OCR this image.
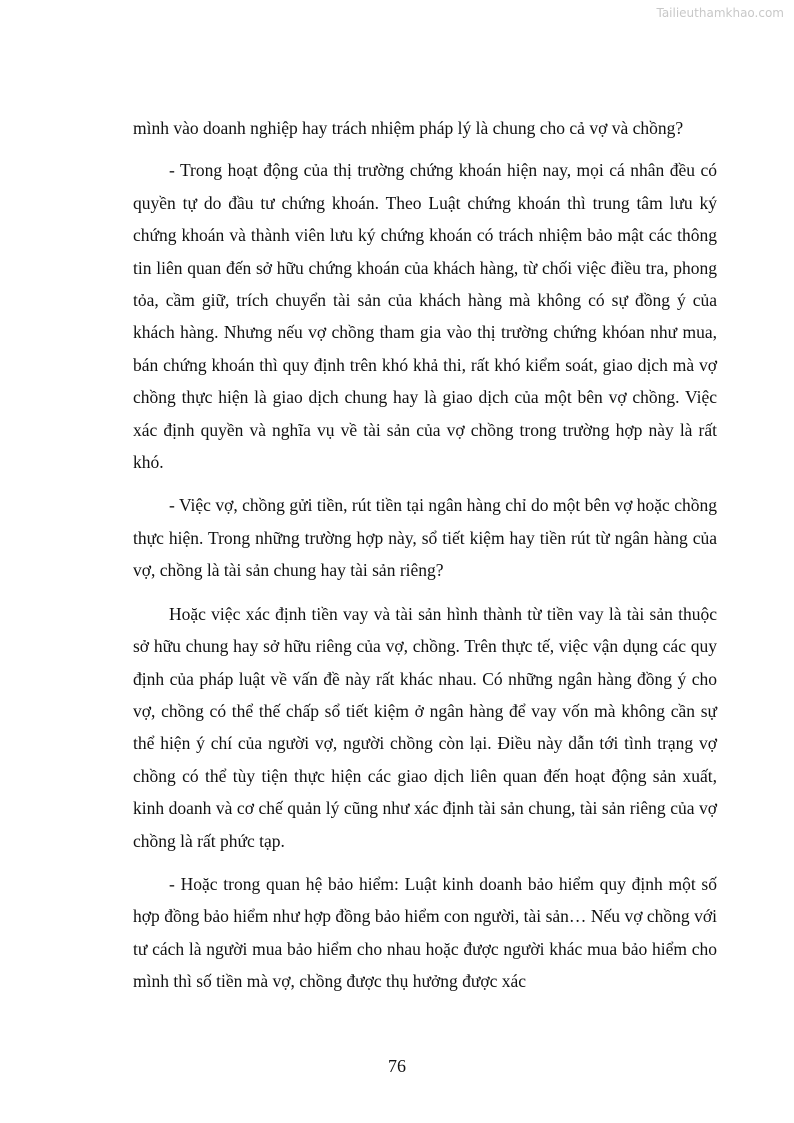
Tailieuthamkhao.com

mình vào doanh nghiệp hay trách nhiệm pháp lý là chung cho cả vợ và chồng?

- Trong hoạt động của thị trường chứng khoán hiện nay, mọi cá nhân đều có quyền tự do đầu tư chứng khoán. Theo Luật chứng khoán thì trung tâm lưu ký chứng khoán và thành viên lưu ký chứng khoán có trách nhiệm bảo mật các thông tin liên quan đến sở hữu chứng khoán của khách hàng, từ chối việc điều tra, phong tỏa, cầm giữ, trích chuyển tài sản của khách hàng mà không có sự đồng ý của khách hàng. Nhưng nếu vợ chồng tham gia vào thị trường chứng khóan như mua, bán chứng khoán thì quy định trên khó khả thi, rất khó kiểm soát, giao dịch mà vợ chồng thực hiện là giao dịch chung hay là giao dịch của một bên vợ chồng. Việc xác định quyền và nghĩa vụ về tài sản của vợ chồng trong trường hợp này là rất khó.

- Việc vợ, chồng gửi tiền, rút tiền tại ngân hàng chỉ do một bên vợ hoặc chồng thực hiện. Trong những trường hợp này, sổ tiết kiệm hay tiền rút từ ngân hàng của vợ, chồng là tài sản chung hay tài sản riêng?

Hoặc việc xác định tiền vay và tài sản hình thành từ tiền vay là tài sản thuộc sở hữu chung hay sở hữu riêng của vợ, chồng. Trên thực tế, việc vận dụng các quy định của pháp luật về vấn đề này rất khác nhau. Có những ngân hàng đồng ý cho vợ, chồng có thể thế chấp sổ tiết kiệm ở ngân hàng để vay vốn mà không cần sự thể hiện ý chí của người vợ, người chồng còn lại. Điều này dẫn tới tình trạng vợ chồng có thể tùy tiện thực hiện các giao dịch liên quan đến hoạt động sản xuất, kinh doanh và cơ chế quản lý cũng như xác định tài sản chung, tài sản riêng của vợ chồng là rất phức tạp.

- Hoặc trong quan hệ bảo hiểm: Luật kinh doanh bảo hiểm quy định một số hợp đồng bảo hiểm như hợp đồng bảo hiểm con người, tài sản… Nếu vợ chồng với tư cách là người mua bảo hiểm cho nhau hoặc được người khác mua bảo hiểm cho mình thì số tiền mà vợ, chồng được thụ hưởng được xác

76
